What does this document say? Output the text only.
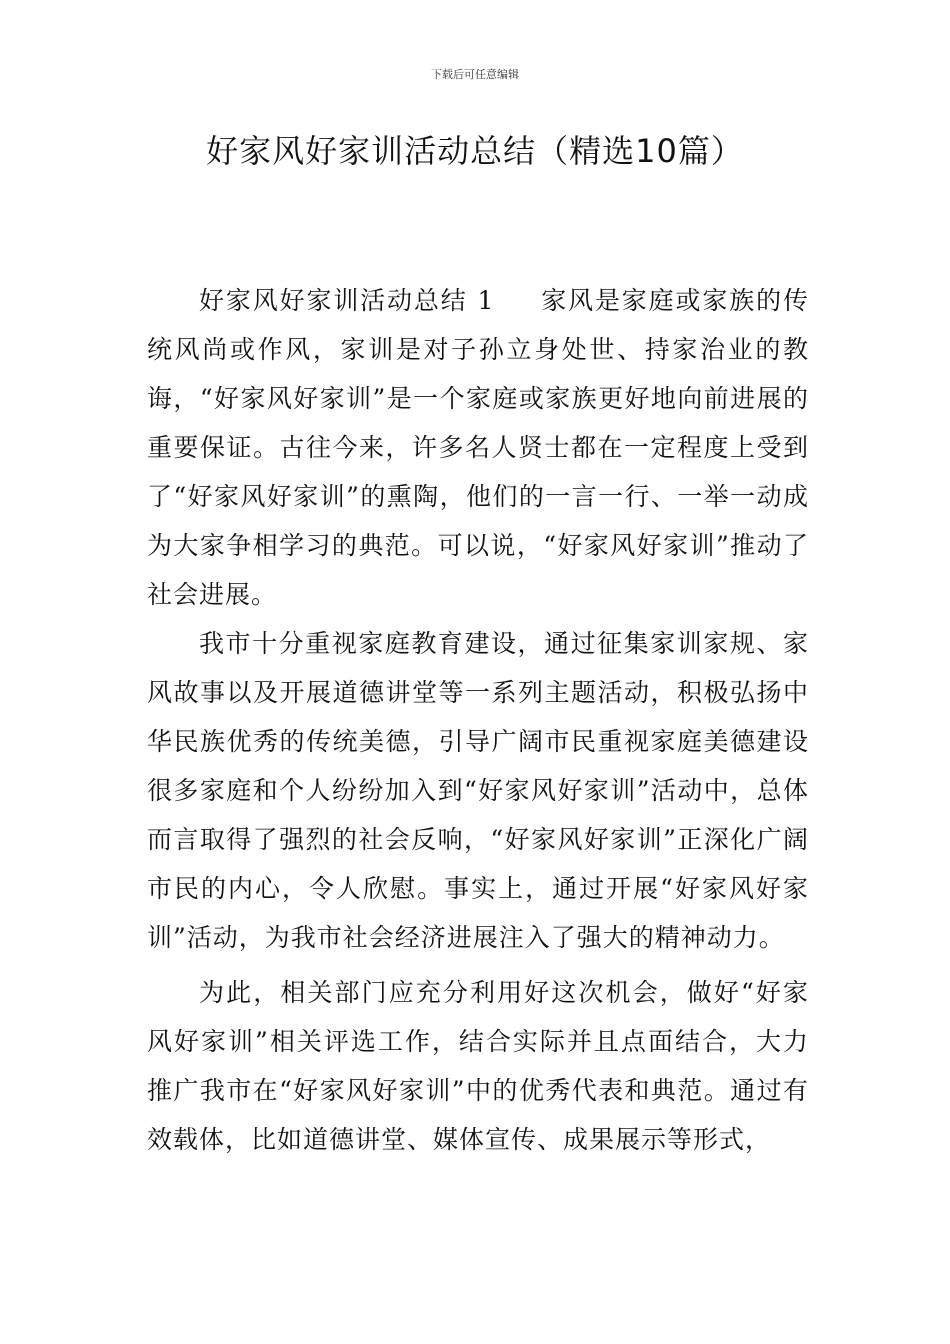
下载后可任意编辑
好家风好家训活动总结（精选10篇）

好家风好家训活动总结 1 家风是家庭或家族的传统风尚或作风，家训是对子孙立身处世、持家治业的教诲，“好家风好家训”是一个家庭或家族更好地向前进展的重要保证。古往今来，许多名人贤士都在一定程度上受到了“好家风好家训”的熏陶，他们的一言一行、一举一动成为大家争相学习的典范。可以说，“好家风好家训”推动了社会进展。

我市十分重视家庭教育建设，通过征集家训家规、家风故事以及开展道德讲堂等一系列主题活动，积极弘扬中华民族优秀的传统美德，引导广阔市民重视家庭美德建设很多家庭和个人纷纷加入到“好家风好家训”活动中，总体而言取得了强烈的社会反响，“好家风好家训”正深化广阔市民的内心，令人欣慰。事实上，通过开展“好家风好家训”活动，为我市社会经济进展注入了强大的精神动力。

为此，相关部门应充分利用好这次机会，做好“好家风好家训”相关评选工作，结合实际并且点面结合，大力推广我市在“好家风好家训”中的优秀代表和典范。通过有效载体，比如道德讲堂、媒体宣传、成果展示等形式，
